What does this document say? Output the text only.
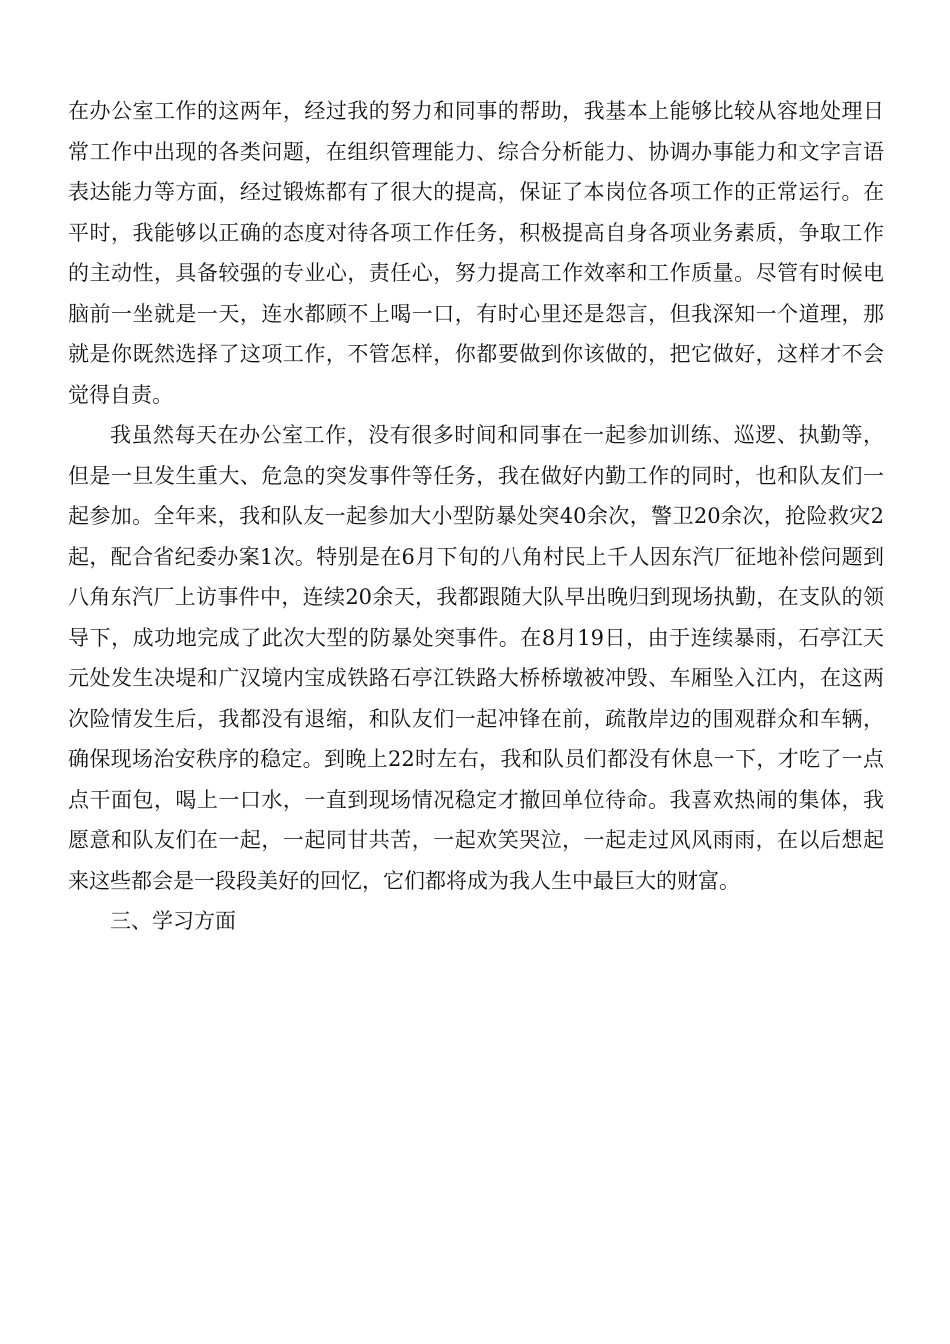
在办公室工作的这两年，经过我的努力和同事的帮助，我基本上能够比较从容地处理日常工作中出现的各类问题，在组织管理能力、综合分析能力、协调办事能力和文字言语表达能力等方面，经过锻炼都有了很大的提高，保证了本岗位各项工作的正常运行。在平时，我能够以正确的态度对待各项工作任务，积极提高自身各项业务素质，争取工作的主动性，具备较强的专业心，责任心，努力提高工作效率和工作质量。尽管有时候电脑前一坐就是一天，连水都顾不上喝一口，有时心里还是怨言，但我深知一个道理，那就是你既然选择了这项工作，不管怎样，你都要做到你该做的，把它做好，这样才不会觉得自责。

我虽然每天在办公室工作，没有很多时间和同事在一起参加训练、巡逻、执勤等，但是一旦发生重大、危急的突发事件等任务，我在做好内勤工作的同时，也和队友们一起参加。全年来，我和队友一起参加大小型防暴处突40余次，警卫20余次，抢险救灾2起，配合省纪委办案1次。特别是在6月下旬的八角村民上千人因东汽厂征地补偿问题到八角东汽厂上访事件中，连续20余天，我都跟随大队早出晚归到现场执勤，在支队的领导下，成功地完成了此次大型的防暴处突事件。在8月19日，由于连续暴雨，石亭江天元处发生决堤和广汉境内宝成铁路石亭江铁路大桥桥墩被冲毁、车厢坠入江内，在这两次险情发生后，我都没有退缩，和队友们一起冲锋在前，疏散岸边的围观群众和车辆，确保现场治安秩序的稳定。到晚上22时左右，我和队员们都没有休息一下，才吃了一点点干面包，喝上一口水，一直到现场情况稳定才撤回单位待命。我喜欢热闹的集体，我愿意和队友们在一起，一起同甘共苦，一起欢笑哭泣，一起走过风风雨雨，在以后想起来这些都会是一段段美好的回忆，它们都将成为我人生中最巨大的财富。

三、学习方面
